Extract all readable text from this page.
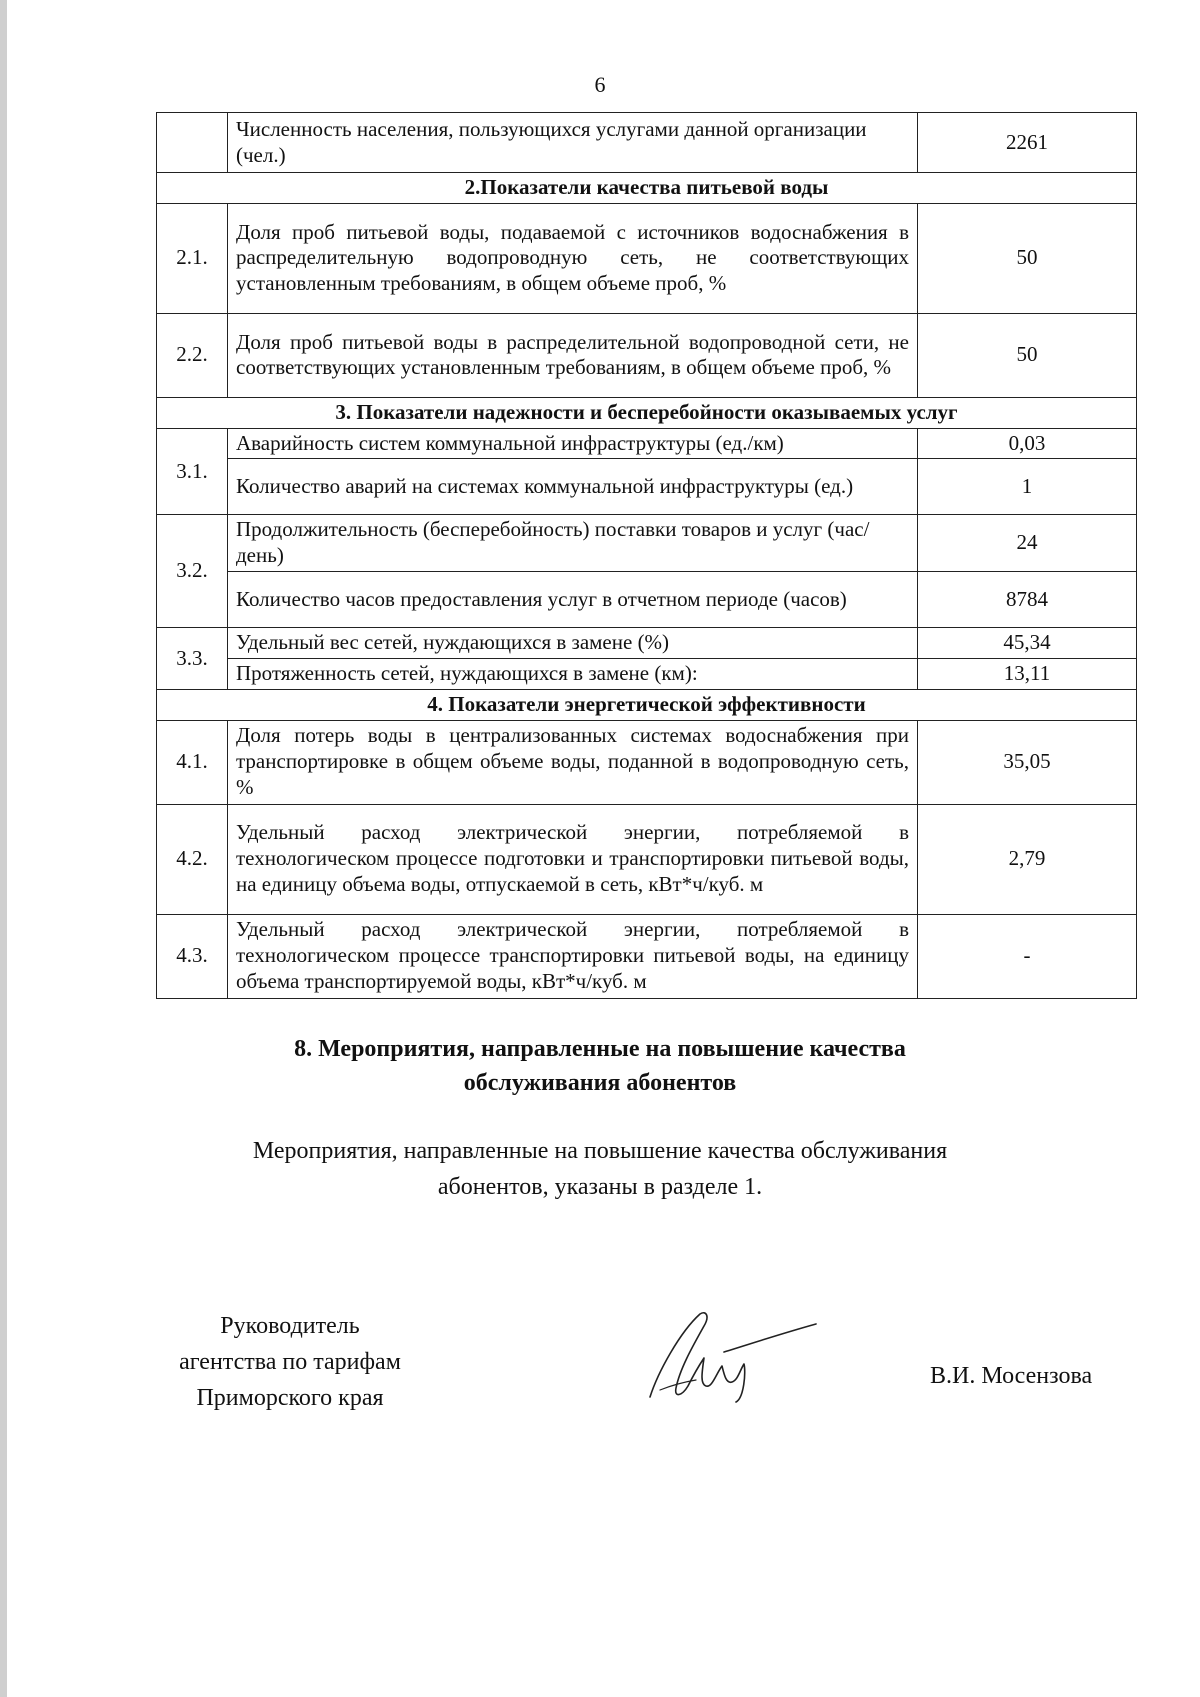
6
	Численность населения, пользующихся услугами данной организации (чел.)	2261
2.Показатели качества питьевой воды		
2.1.	Доля проб питьевой воды, подаваемой с источников водоснабжения в распределительную водопроводную сеть, не соответствующих установленным требованиям, в общем объеме проб, %	50
2.2.	Доля проб питьевой воды в распределительной водопроводной сети, не соответствующих установленным требованиям, в общем объеме проб, %	50
3. Показатели надежности и бесперебойности оказываемых услуг		
3.1.	Аварийность систем коммунальной инфраструктуры (ед./км)	0,03
	Количество аварий на системах коммунальной инфраструктуры (ед.)	1
3.2.	Продолжительность (бесперебойность) поставки товаров и услуг (час/день)	24
	Количество часов предоставления услуг в отчетном периоде (часов)	8784
3.3.	Удельный вес сетей, нуждающихся в замене (%)	45,34
	Протяженность сетей, нуждающихся в замене (км):	13,11
4. Показатели энергетической эффективности		
4.1.	Доля потерь воды в централизованных системах водоснабжения при транспортировке в общем объеме воды, поданной в водопроводную сеть, %	35,05
4.2.	Удельный расход электрической энергии, потребляемой в технологическом процессе подготовки и транспортировки питьевой воды, на единицу объема воды, отпускаемой в сеть, кВт*ч/куб. м	2,79
4.3.	Удельный расход электрической энергии, потребляемой в технологическом процессе транспортировки питьевой воды, на единицу объема транспортируемой воды, кВт*ч/куб. м	-
8. Мероприятия, направленные на повышение качества
обслуживания абонентов
Мероприятия, направленные на повышение качества обслуживания
абонентов, указаны в разделе 1.
Руководитель
агентства по тарифам
Приморского края
В.И. Мосензова
